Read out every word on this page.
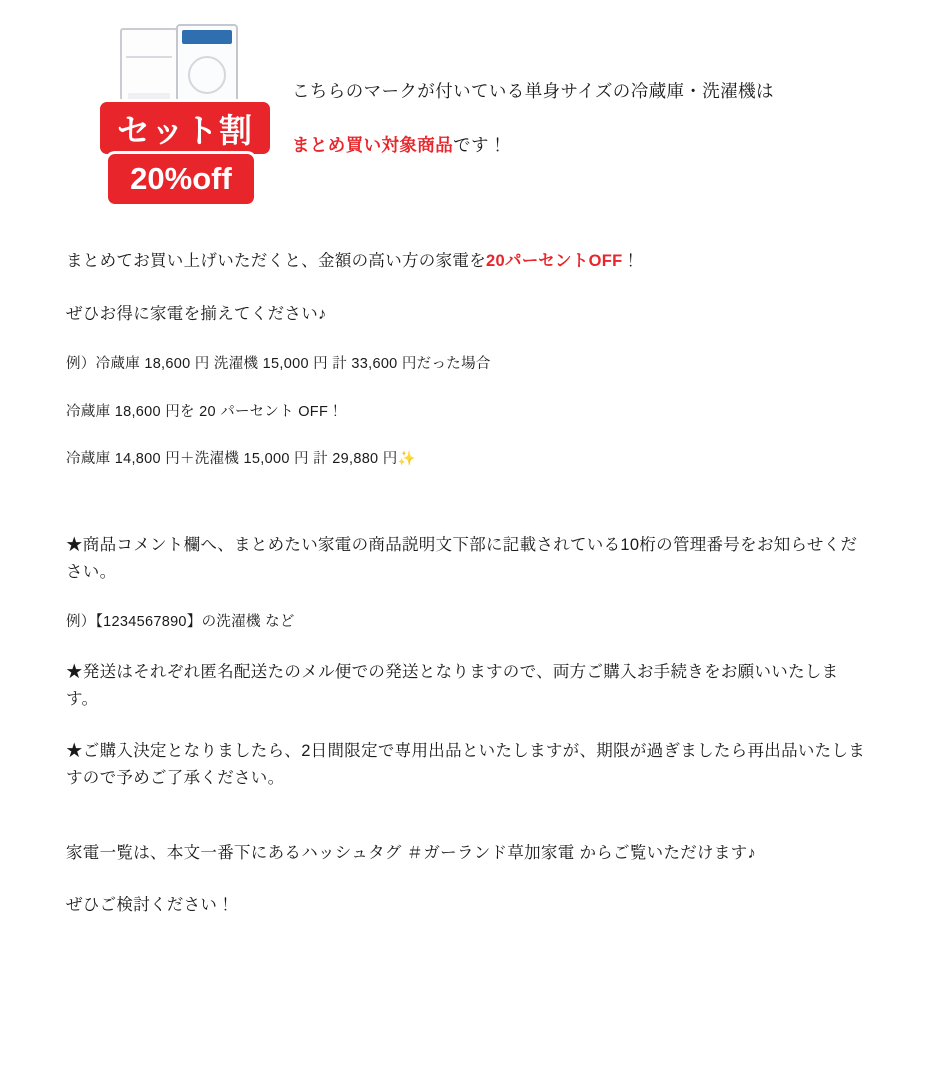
セット割
20%off
こちらのマークが付いている単身サイズの冷蔵庫・洗濯機は
まとめ買い対象商品です！

まとめてお買い上げいただくと、金額の高い方の家電を20パーセントOFF！

ぜひお得に家電を揃えてください♪

例）冷蔵庫 18,600 円 洗濯機 15,000 円 計 33,600 円だった場合

冷蔵庫 18,600 円を 20 パーセント OFF！

冷蔵庫 14,800 円＋洗濯機 15,000 円 計 29,880 円✨

★商品コメント欄へ、まとめたい家電の商品説明文下部に記載されている10桁の管理番号をお知らせください。

例）【1234567890】の洗濯機 など

★発送はそれぞれ匿名配送たのメル便での発送となりますので、両方ご購入お手続きをお願いいたします。

★ご購入決定となりましたら、2日間限定で専用出品といたしますが、期限が過ぎましたら再出品いたしますので予めご了承ください。

家電一覧は、本文一番下にあるハッシュタグ ＃ガーランド草加家電 からご覧いただけます♪

ぜひご検討ください！
